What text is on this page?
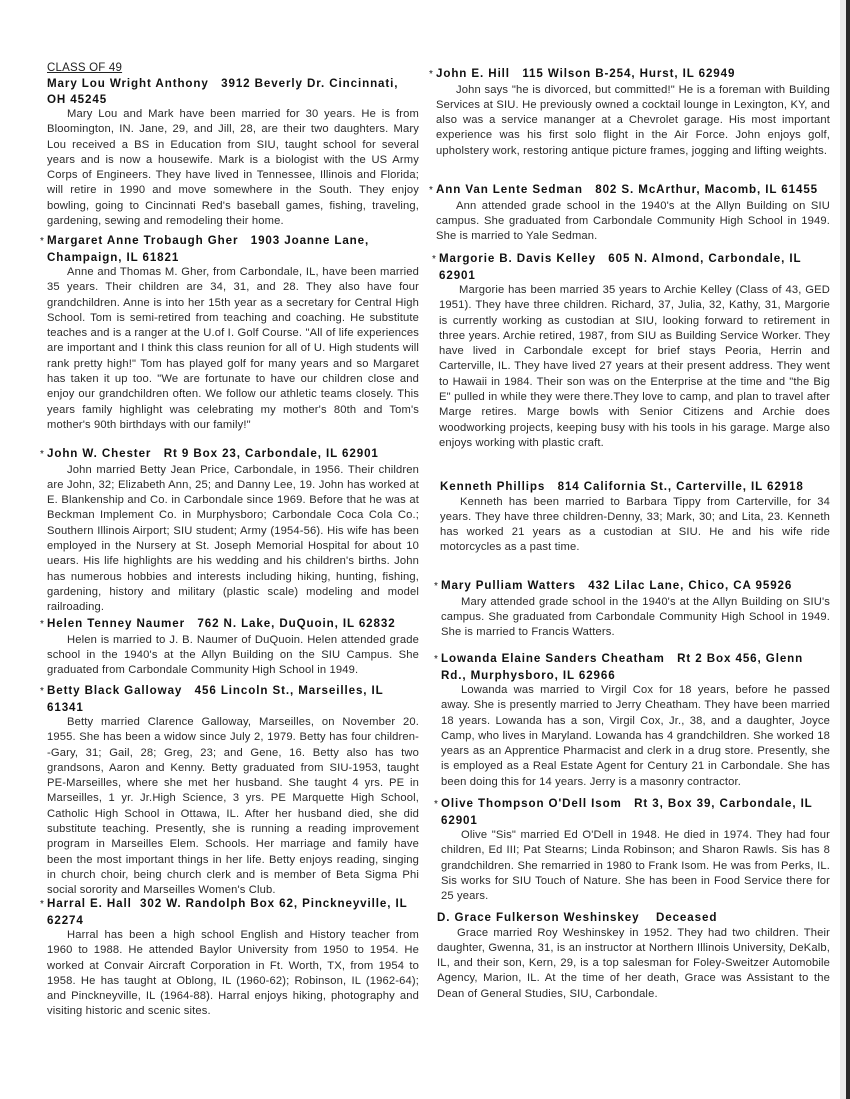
CLASS OF 49
Mary Lou Wright Anthony 3912 Beverly Dr. Cincinnati, OH 45245
Mary Lou and Mark have been married for 30 years. He is from Bloomington, IN. Jane, 29, and Jill, 28, are their two daughters. Mary Lou received a BS in Education from SIU, taught school for several years and is now a housewife. Mark is a biologist with the US Army Corps of Engineers. They have lived in Tennessee, Illinois and Florida; will retire in 1990 and move somewhere in the South. They enjoy bowling, going to Cincinnati Red's baseball games, fishing, traveling, gardening, sewing and remodeling their home.
* Margaret Anne Trobaugh Gher 1903 Joanne Lane, Champaign, IL 61821
Anne and Thomas M. Gher, from Carbondale, IL, have been married 35 years. Their children are 34, 31, and 28. They also have four grandchildren. Anne is into her 15th year as a secretary for Central High School. Tom is semi-retired from teaching and coaching. He substitute teaches and is a ranger at the U.of I. Golf Course. "All of life experiences are important and I think this class reunion for all of U. High students will rank pretty high!" Tom has played golf for many years and so Margaret has taken it up too. "We are fortunate to have our children close and enjoy our grandchildren often. We follow our athletic teams closely. This years family highlight was celebrating my mother's 80th and Tom's mother's 90th birthdays with our family!"
* John W. Chester Rt 9 Box 23, Carbondale, IL 62901
John married Betty Jean Price, Carbondale, in 1956. Their children are John, 32; Elizabeth Ann, 25; and Danny Lee, 19. John has worked at E. Blankenship and Co. in Carbondale since 1969. Before that he was at Beckman Implement Co. in Murphysboro; Carbondale Coca Cola Co.; Southern Illinois Airport; SIU student; Army (1954-56). His wife has been employed in the Nursery at St. Joseph Memorial Hospital for about 10 uears. His life highlights are his wedding and his children's births. John has numerous hobbies and interests including hiking, hunting, fishing, gardening, history and military (plastic scale) modeling and model railroading.
* Helen Tenney Naumer 762 N. Lake, DuQuoin, IL 62832
Helen is married to J. B. Naumer of DuQuoin. Helen attended grade school in the 1940's at the Allyn Building on the SIU Campus. She graduated from Carbondale Community High School in 1949.
* Betty Black Galloway 456 Lincoln St., Marseilles, IL 61341
Betty married Clarence Galloway, Marseilles, on November 20. 1955. She has been a widow since July 2, 1979. Betty has four children--Gary, 31; Gail, 28; Greg, 23; and Gene, 16. Betty also has two grandsons, Aaron and Kenny. Betty graduated from SIU-1953, taught PE-Marseilles, where she met her husband. She taught 4 yrs. PE in Marseilles, 1 yr. Jr.High Science, 3 yrs. PE Marquette High School, Catholic High School in Ottawa, IL. After her husband died, she did substitute teaching. Presently, she is running a reading improvement program in Marseilles Elem. Schools. Her marriage and family have been the most important things in her life. Betty enjoys reading, singing in church choir, being church clerk and is member of Beta Sigma Phi social sorority and Marseilles Women's Club.
* Harral E. Hall 302 W. Randolph Box 62, Pinckneyville, IL 62274
Harral has been a high school English and History teacher from 1960 to 1988. He attended Baylor University from 1950 to 1954. He worked at Convair Aircraft Corporation in Ft. Worth, TX, from 1954 to 1958. He has taught at Oblong, IL (1960-62); Robinson, IL (1962-64); and Pinckneyville, IL (1964-88). Harral enjoys hiking, photography and visiting historic and scenic sites.
* John E. Hill 115 Wilson B-254, Hurst, IL 62949
John says "he is divorced, but committed!" He is a foreman with Building Services at SIU. He previously owned a cocktail lounge in Lexington, KY, and also was a service mananger at a Chevrolet garage. His most important experience was his first solo flight in the Air Force. John enjoys golf, upholstery work, restoring antique picture frames, jogging and lifting weights.
* Ann Van Lente Sedman 802 S. McArthur, Macomb, IL 61455
Ann attended grade school in the 1940's at the Allyn Building on SIU campus. She graduated from Carbondale Community High School in 1949. She is married to Yale Sedman.
* Margorie B. Davis Kelley 605 N. Almond, Carbondale, IL 62901
Margorie has been married 35 years to Archie Kelley (Class of 43, GED 1951). They have three children. Richard, 37, Julia, 32, Kathy, 31, Margorie is currently working as custodian at SIU, looking forward to retirement in three years. Archie retired, 1987, from SIU as Building Service Worker. They have lived in Carbondale except for brief stays Peoria, Herrin and Carterville, IL. They have lived 27 years at their present address. They went to Hawaii in 1984. Their son was on the Enterprise at the time and "the Big E" pulled in while they were there.They love to camp, and plan to travel after Marge retires. Marge bowls with Senior Citizens and Archie does woodworking projects, keeping busy with his tools in his garage. Marge also enjoys working with plastic craft.
Kenneth Phillips 814 California St., Carterville, IL 62918
Kenneth has been married to Barbara Tippy from Carterville, for 34 years. They have three children-Denny, 33; Mark, 30; and Lita, 23. Kenneth has worked 21 years as a custodian at SIU. He and his wife ride motorcycles as a past time.
* Mary Pulliam Watters 432 Lilac Lane, Chico, CA 95926
Mary attended grade school in the 1940's at the Allyn Building on SIU's campus. She graduated from Carbondale Community High School in 1949. She is married to Francis Watters.
* Lowanda Elaine Sanders Cheatham Rt 2 Box 456, Glenn Rd., Murphysboro, IL 62966
Lowanda was married to Virgil Cox for 18 years, before he passed away. She is presently married to Jerry Cheatham. They have been married 18 years. Lowanda has a son, Virgil Cox, Jr., 38, and a daughter, Joyce Camp, who lives in Maryland. Lowanda has 4 grandchildren. She worked 18 years as an Apprentice Pharmacist and clerk in a drug store. Presently, she is employed as a Real Estate Agent for Century 21 in Carbondale. She has been doing this for 14 years. Jerry is a masonry contractor.
* Olive Thompson O'Dell Isom Rt 3, Box 39, Carbondale, IL 62901
Olive "Sis" married Ed O'Dell in 1948. He died in 1974. They had four children, Ed III; Pat Stearns; Linda Robinson; and Sharon Rawls. Sis has 8 grandchildren. She remarried in 1980 to Frank Isom. He was from Perks, IL. Sis works for SIU Touch of Nature. She has been in Food Service there for 25 years.
D. Grace Fulkerson Weshinskey Deceased
Grace married Roy Weshinskey in 1952. They had two children. Their daughter, Gwenna, 31, is an instructor at Northern Illinois University, DeKalb, IL, and their son, Kern, 29, is a top salesman for Foley-Sweitzer Automobile Agency, Marion, IL. At the time of her death, Grace was Assistant to the Dean of General Studies, SIU, Carbondale.
